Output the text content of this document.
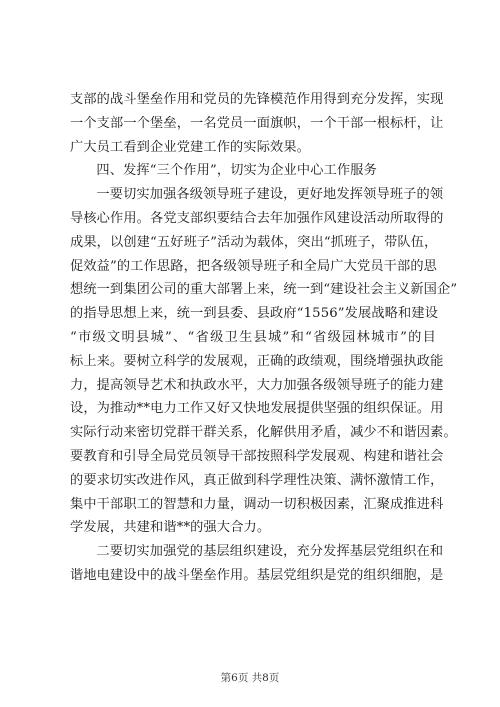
支部的战斗堡垒作用和党员的先锋模范作用得到充分发挥，实现
一个支部一个堡垒，一名党员一面旗帜，一个干部一根标杆，让
广大员工看到企业党建工作的实际效果。
四、发挥“三个作用”，切实为企业中心工作服务
一要切实加强各级领导班子建设，更好地发挥领导班子的领
导核心作用。各党支部织要结合去年加强作风建设活动所取得的
成果，以创建“五好班子”活动为载体，突出“抓班子，带队伍，
促效益”的工作思路，把各级领导班子和全局广大党员干部的思
想统一到集团公司的重大部署上来，统一到“建设社会主义新国企”
的指导思想上来，统一到县委、县政府“1556”发展战略和建设
“市级文明县城”、“省级卫生县城”和“省级园林城市”的目
标上来。要树立科学的发展观，正确的政绩观，围绕增强执政能
力，提高领导艺术和执政水平，大力加强各级领导班子的能力建
设，为推动**电力工作又好又快地发展提供坚强的组织保证。用
实际行动来密切党群干群关系，化解供用矛盾，减少不和谐因素。
要教育和引导全局党员领导干部按照科学发展观、构建和谐社会
的要求切实改进作风，真正做到科学理性决策、满怀激情工作，
集中干部职工的智慧和力量，调动一切积极因素，汇聚成推进科
学发展，共建和谐**的强大合力。
二要切实加强党的基层组织建设，充分发挥基层党组织在和
谐地电建设中的战斗堡垒作用。基层党组织是党的组织细胞，是
第6页 共8页
